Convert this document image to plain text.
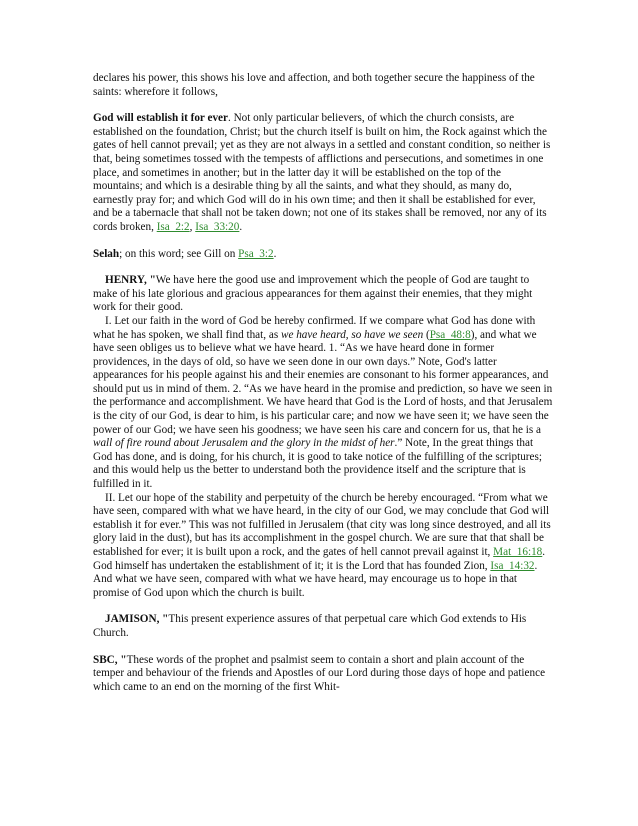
declares his power, this shows his love and affection, and both together secure the happiness of the saints: wherefore it follows,

God will establish it for ever. Not only particular believers, of which the church consists, are established on the foundation, Christ; but the church itself is built on him, the Rock against which the gates of hell cannot prevail; yet as they are not always in a settled and constant condition, so neither is that, being sometimes tossed with the tempests of afflictions and persecutions, and sometimes in one place, and sometimes in another; but in the latter day it will be established on the top of the mountains; and which is a desirable thing by all the saints, and what they should, as many do, earnestly pray for; and which God will do in his own time; and then it shall be established for ever, and be a tabernacle that shall not be taken down; not one of its stakes shall be removed, nor any of its cords broken, Isa_2:2, Isa_33:20.

Selah; on this word; see Gill on Psa_3:2.

HENRY, "We have here the good use and improvement which the people of God are taught to make of his late glorious and gracious appearances for them against their enemies, that they might work for their good.

I. Let our faith in the word of God be hereby confirmed. If we compare what God has done with what he has spoken, we shall find that, as we have heard, so have we seen (Psa_48:8), and what we have seen obliges us to believe what we have heard. 1. “As we have heard done in former providences, in the days of old, so have we seen done in our own days.” Note, God's latter appearances for his people against his and their enemies are consonant to his former appearances, and should put us in mind of them. 2. “As we have heard in the promise and prediction, so have we seen in the performance and accomplishment. We have heard that God is the Lord of hosts, and that Jerusalem is the city of our God, is dear to him, is his particular care; and now we have seen it; we have seen the power of our God; we have seen his goodness; we have seen his care and concern for us, that he is a wall of fire round about Jerusalem and the glory in the midst of her.” Note, In the great things that God has done, and is doing, for his church, it is good to take notice of the fulfilling of the scriptures; and this would help us the better to understand both the providence itself and the scripture that is fulfilled in it.

II. Let our hope of the stability and perpetuity of the church be hereby encouraged. “From what we have seen, compared with what we have heard, in the city of our God, we may conclude that God will establish it for ever.” This was not fulfilled in Jerusalem (that city was long since destroyed, and all its glory laid in the dust), but has its accomplishment in the gospel church. We are sure that that shall be established for ever; it is built upon a rock, and the gates of hell cannot prevail against it, Mat_16:18. God himself has undertaken the establishment of it; it is the Lord that has founded Zion, Isa_14:32. And what we have seen, compared with what we have heard, may encourage us to hope in that promise of God upon which the church is built.

JAMISON, "This present experience assures of that perpetual care which God extends to His Church.

SBC, "These words of the prophet and psalmist seem to contain a short and plain account of the temper and behaviour of the friends and Apostles of our Lord during those days of hope and patience which came to an end on the morning of the first Whit-
